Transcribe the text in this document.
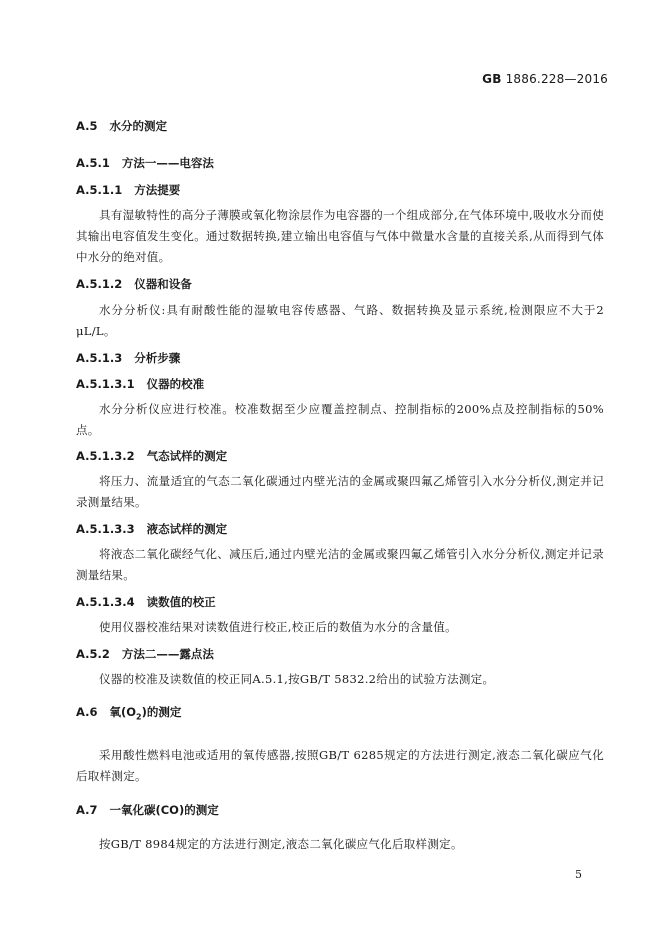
GB 1886.228—2016
A.5 水分的测定
A.5.1 方法一——电容法
A.5.1.1 方法提要

具有湿敏特性的高分子薄膜或氧化物涂层作为电容器的一个组成部分,在气体环境中,吸收水分而使其输出电容值发生变化。通过数据转换,建立输出电容值与气体中微量水含量的直接关系,从而得到气体中水分的绝对值。

A.5.1.2 仪器和设备

水分分析仪:具有耐酸性能的湿敏电容传感器、气路、数据转换及显示系统,检测限应不大于2 μL/L。

A.5.1.3 分析步骤
A.5.1.3.1 仪器的校准

水分分析仪应进行校准。校准数据至少应覆盖控制点、控制指标的200%点及控制指标的50%点。

A.5.1.3.2 气态试样的测定

将压力、流量适宜的气态二氧化碳通过内壁光洁的金属或聚四氟乙烯管引入水分分析仪,测定并记录测量结果。

A.5.1.3.3 液态试样的测定

将液态二氧化碳经气化、减压后,通过内壁光洁的金属或聚四氟乙烯管引入水分分析仪,测定并记录测量结果。

A.5.1.3.4 读数值的校正

使用仪器校准结果对读数值进行校正,校正后的数值为水分的含量值。

A.5.2 方法二——露点法

仪器的校准及读数值的校正同A.5.1,按GB/T 5832.2给出的试验方法测定。

A.6 氧$(O_2)$的测定

采用酸性燃料电池或适用的氧传感器,按照GB/T 6285规定的方法进行测定,液态二氧化碳应气化后取样测定。

A.7 一氧化碳(CO)的测定

按GB/T 8984规定的方法进行测定,液态二氧化碳应气化后取样测定。

5
